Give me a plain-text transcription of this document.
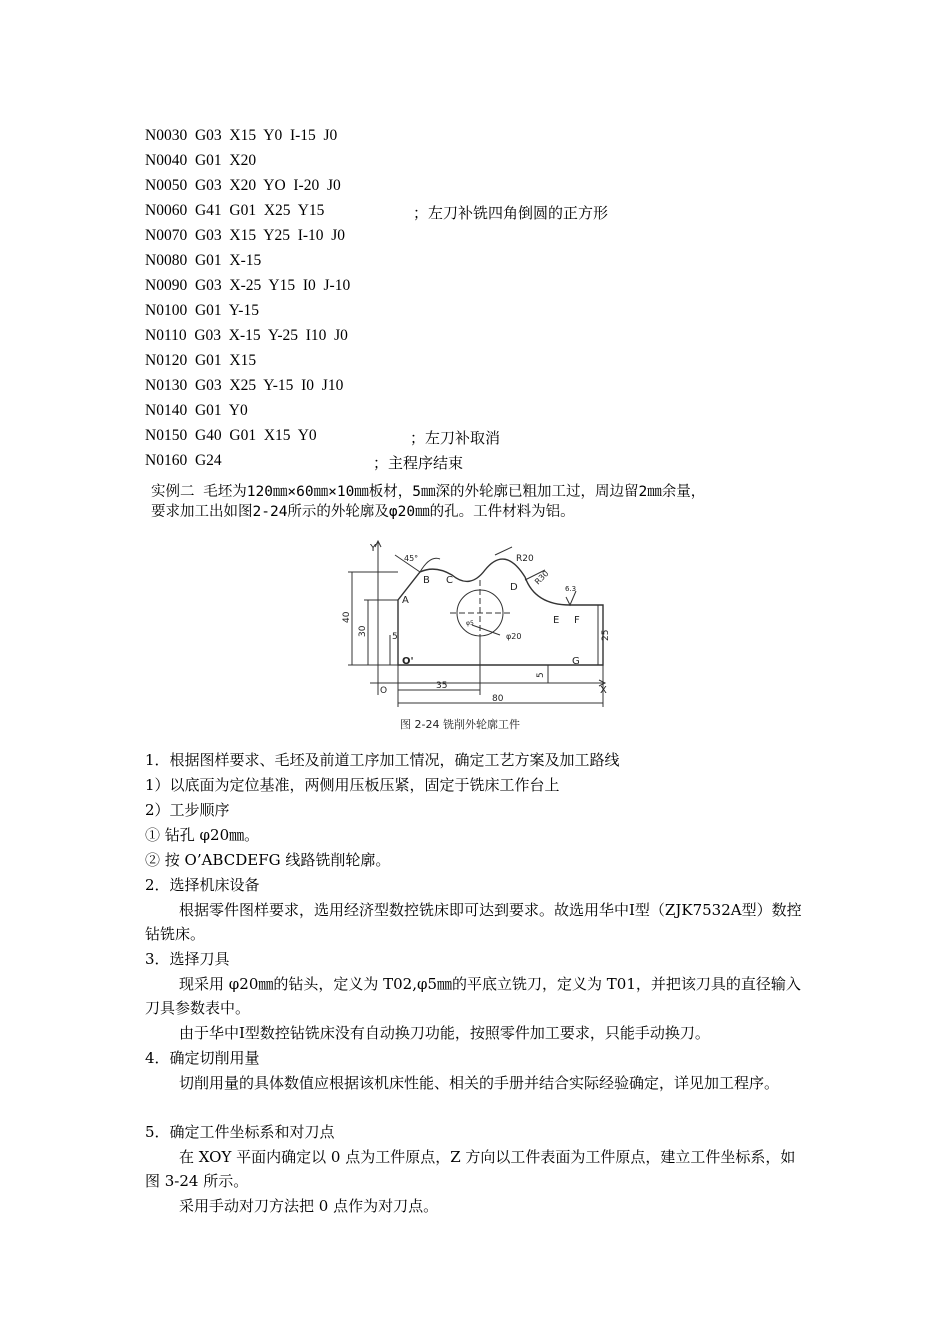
N0030  G03  X15  Y0  I-15  J0
N0040  G01  X20
N0050  G03  X20  YO  I-20  J0
N0060  G41  G01  X25  Y15	；左刀补铣四角倒圆的正方形
N0070  G03  X15  Y25  I-10  J0
N0080  G01  X-15
N0090  G03  X-25  Y15  I0  J-10
N0100  G01  Y-15
N0110  G03  X-15  Y-25  I10  J0
N0120  G01  X15
N0130  G03  X25  Y-15  I0  J10
N0140  G01  Y0
N0150  G40  G01  X15  Y0	；左刀补取消
N0160  G24	；主程序结束
实例二 毛坯为120㎜×60㎜×10㎜板材，5㎜深的外轮廓已粗加工过，周边留2㎜余量，
要求加工出如图2-24所示的外轮廓及φ20㎜的孔。工件材料为铝。
Y
X
45°	R20
R30
6.3
A
B C
D
E F
G
O'
O
40
30	5	25
5
35
80
φ20
φ5
图 2-24 铣削外轮廓工件
1．根据图样要求、毛坯及前道工序加工情况，确定工艺方案及加工路线
1）以底面为定位基准，两侧用压板压紧，固定于铣床工作台上
2）工步顺序
① 钻孔 φ20㎜。
② 按 O’ABCDEFG 线路铣削轮廓。
2．选择机床设备
根据零件图样要求，选用经济型数控铣床即可达到要求。故选用华中Ⅰ型（ZJK7532A型）数控钻铣床。
3．选择刀具
现采用 φ20㎜的钻头，定义为 T02,φ5㎜的平底立铣刀，定义为 T01，并把该刀具的直径输入刀具参数表中。
由于华中Ⅰ型数控钻铣床没有自动换刀功能，按照零件加工要求，只能手动换刀。
4．确定切削用量
切削用量的具体数值应根据该机床性能、相关的手册并结合实际经验确定，详见加工程序。
5．确定工件坐标系和对刀点
在 XOY 平面内确定以 0 点为工件原点，Z 方向以工件表面为工件原点，建立工件坐标系，如图 3-24 所示。
采用手动对刀方法把 0 点作为对刀点。
